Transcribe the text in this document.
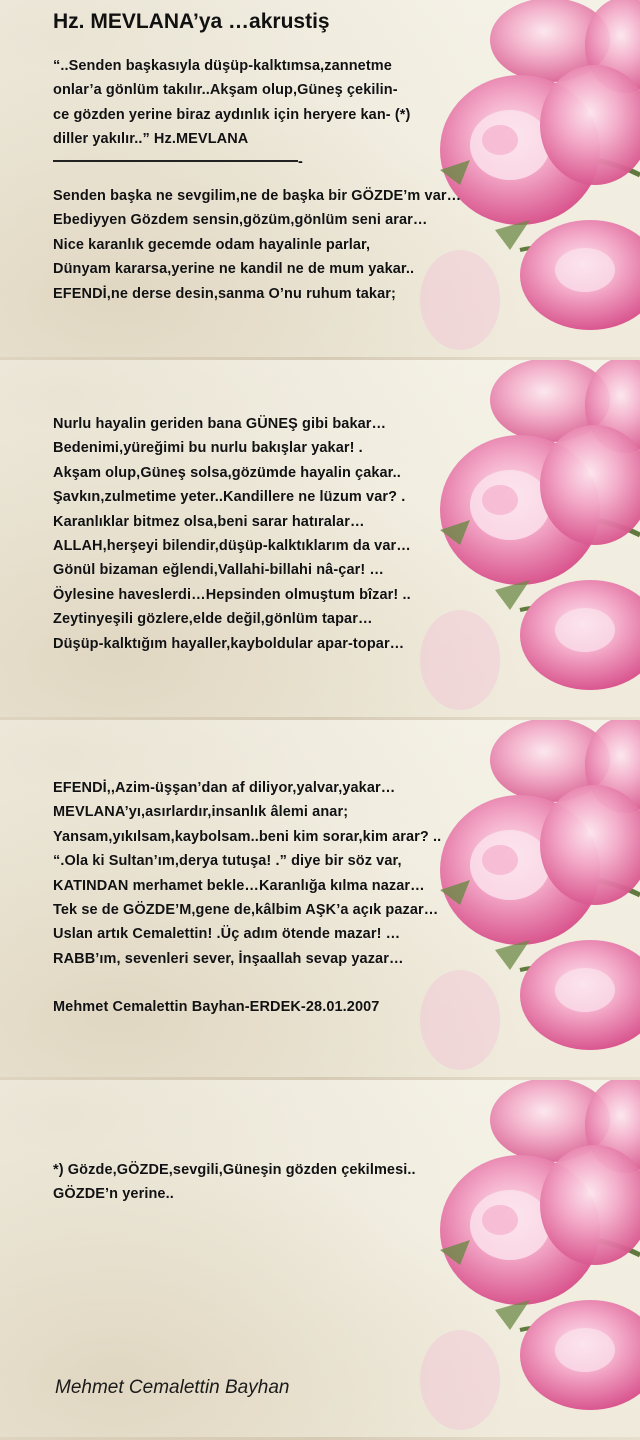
Hz. MEVLANA’ya …akrustiş
“..Senden başkasıyla düşüp-kalktımsa,zannetme
onlar’a gönlüm takılır..Akşam olup,Güneş çekilin-
ce gözden yerine biraz aydınlık için heryere kan- (*)
diller yakılır..” Hz.MEVLANA
-
Senden başka ne sevgilim,ne de başka bir GÖZDE’m var…
Ebediyyen Gözdem sensin,gözüm,gönlüm seni arar…
Nice karanlık gecemde odam hayalinle parlar,
Dünyam kararsa,yerine ne kandil ne de mum yakar..
EFENDİ,ne derse desin,sanma O’nu ruhum takar;
Nurlu hayalin geriden bana GÜNEŞ gibi bakar…
Bedenimi,yüreğimi bu nurlu bakışlar yakar! .
Akşam olup,Güneş solsa,gözümde hayalin çakar..
Şavkın,zulmetime yeter..Kandillere ne lüzum var? .
Karanlıklar bitmez olsa,beni sarar hatıralar…
ALLAH,herşeyi bilendir,düşüp-kalktıklarım da var…
Gönül bizaman eğlendi,Vallahi-billahi nâ-çar! …
Öylesine haveslerdi…Hepsinden olmuştum bîzar! ..
Zeytinyeşili gözlere,elde değil,gönlüm tapar…
Düşüp-kalktığım hayaller,kayboldular apar-topar…
EFENDİ,,Azim-üşşan’dan af diliyor,yalvar,yakar…
MEVLANA’yı,asırlardır,insanlık âlemi anar;
Yansam,yıkılsam,kaybolsam..beni kim sorar,kim arar? ..
“.Ola ki Sultan’ım,derya tutuşa! .” diye bir söz var,
KATINDAN merhamet bekle…Karanlığa kılma nazar…
Tek se de GÖZDE’M,gene de,kâlbim AŞK’a açık pazar…
Uslan artık Cemalettin! .Üç adım ötende mazar! …
RABB’ım, sevenleri sever, İnşaallah sevap yazar…
Mehmet Cemalettin Bayhan-ERDEK-28.01.2007
*) Gözde,GÖZDE,sevgili,Güneşin gözden çekilmesi..
GÖZDE’n yerine..
Mehmet Cemalettin Bayhan
